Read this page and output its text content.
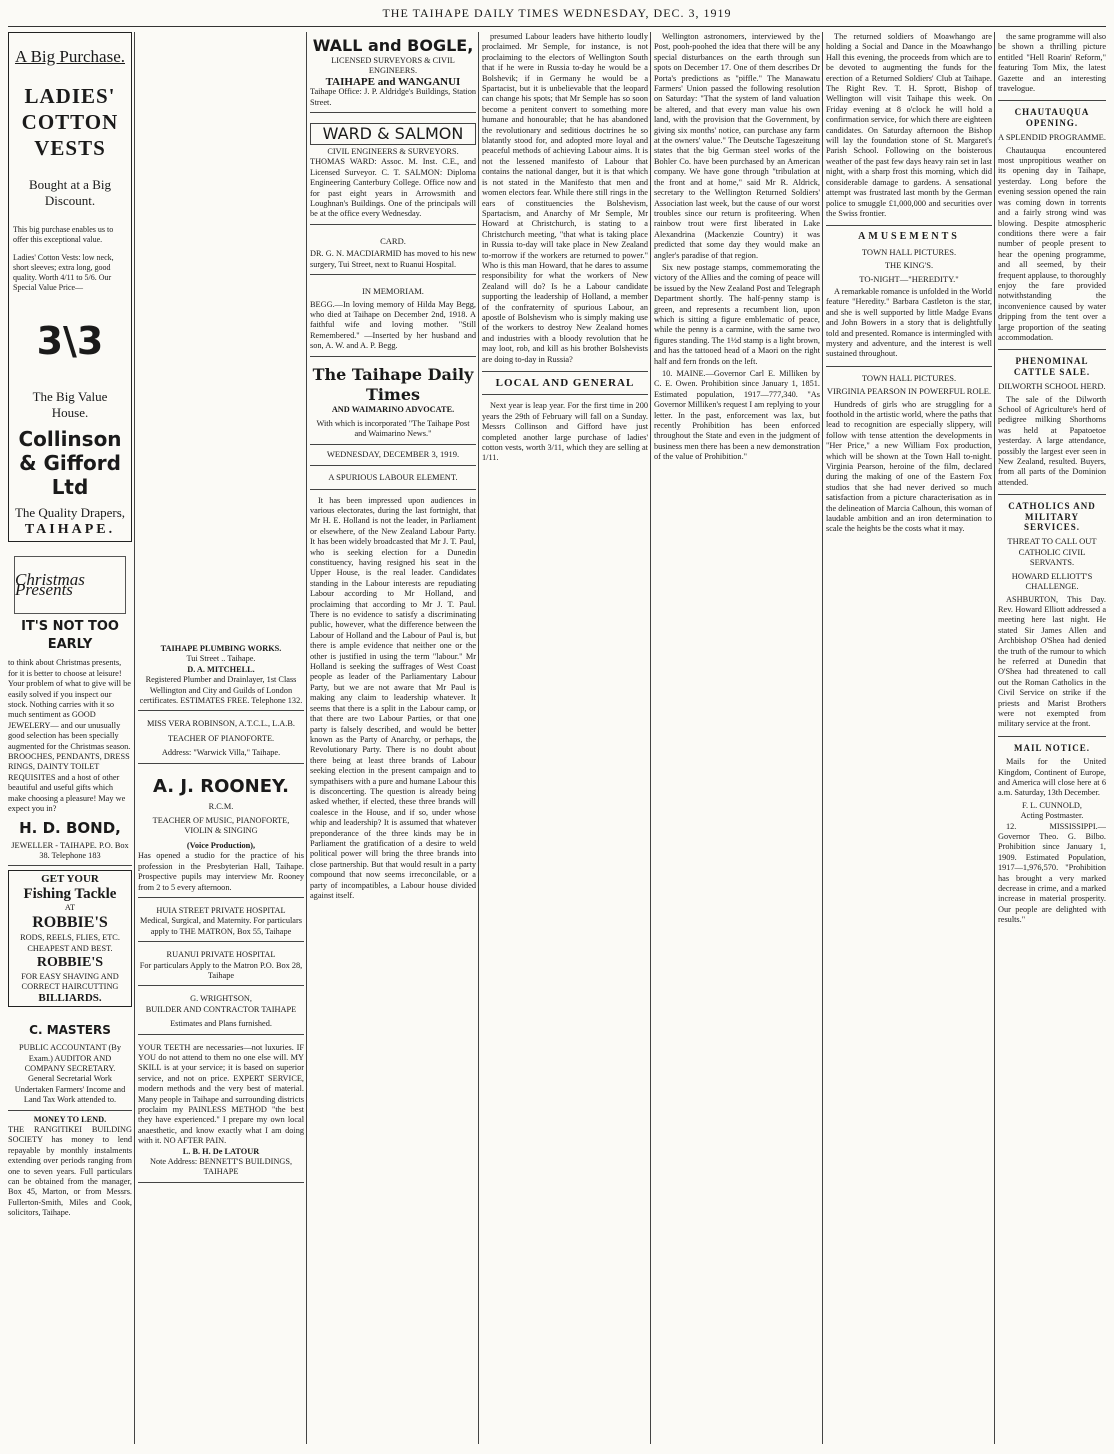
THE TAIHAPE DAILY TIMES WEDNESDAY, DEC. 3, 1919
A Big Purchase.
LADIES'
COTTON VESTS
Bought at a Big Discount.
This big purchase enables us to offer this exceptional value.
Ladies' Cotton Vests: low neck, short sleeves; extra long, good quality. Worth 4/11 to 5/6. Our Special Value Price—
3\3
The Big Value House.
Collinson & Gifford Ltd
The Quality Drapers,
TAIHAPE.
Christmas Presents
IT'S NOT TOO EARLY
to think about Christmas presents, for it is better to choose at leisure! Your problem of what to give will be easily solved if you inspect our stock. Nothing carries with it so much sentiment as GOOD JEWELERY— and our unusually good selection has been specially augmented for the Christmas season. BROOCHES, PENDANTS, DRESS RINGS, DAINTY TOILET REQUISITES and a host of other beautiful and useful gifts which make choosing a pleasure! May we expect you in?
H. D. BOND,
JEWELLER - TAIHAPE. P.O. Box 38. Telephone 183
GET YOUR
Fishing Tackle
AT
ROBBIE'S
RODS, REELS, FLIES, ETC. CHEAPEST AND BEST.
ROBBIE'S
FOR EASY SHAVING AND CORRECT HAIRCUTTING
BILLIARDS.
C. MASTERS
PUBLIC ACCOUNTANT (By Exam.) AUDITOR AND COMPANY SECRETARY.
General Secretarial Work Undertaken Farmers' Income and Land Tax Work attended to.
MONEY TO LEND.
THE RANGITIKEI BUILDING SOCIETY has money to lend repayable by monthly instalments extending over periods ranging from one to seven years. Full particulars can be obtained from the manager, Box 45, Marton, or from Messrs. Fullerton-Smith, Miles and Cook, solicitors, Taihape.
TAIHAPE PLUMBING WORKS.
Tui Street .. Taihape.
D. A. MITCHELL.
Registered Plumber and Drainlayer, 1st Class Wellington and City and Guilds of London certificates. ESTIMATES FREE. Telephone 132.
MISS VERA ROBINSON, A.T.C.L., L.A.B.
TEACHER OF PIANOFORTE.
Address: "Warwick Villa," Taihape.
A. J. ROONEY.
R.C.M.
TEACHER OF MUSIC, PIANOFORTE, VIOLIN & SINGING
(Voice Production),
Has opened a studio for the practice of his profession in the Presbyterian Hall, Taihape. Prospective pupils may interview Mr. Rooney from 2 to 5 every afternoon.
HUIA STREET PRIVATE HOSPITAL
Medical, Surgical, and Maternity. For particulars apply to THE MATRON, Box 55, Taihape
RUANUI PRIVATE HOSPITAL
For particulars Apply to the Matron P.O. Box 28, Taihape
G. WRIGHTSON,
BUILDER AND CONTRACTOR TAIHAPE
Estimates and Plans furnished.
YOUR TEETH are necessaries—not luxuries. IF YOU do not attend to them no one else will. MY SKILL is at your service; it is based on superior service, and not on price. EXPERT SERVICE, modern methods and the very best of material. Many people in Taihape and surrounding districts proclaim my PAINLESS METHOD "the best they have experienced." I prepare my own local anaesthetic, and know exactly what I am doing with it. NO AFTER PAIN.
L. B. H. De LATOUR
Note Address: BENNETT'S BUILDINGS, TAIHAPE
WALL and BOGLE,
LICENSED SURVEYORS & CIVIL ENGINEERS.
TAIHAPE and WANGANUI
Taihape Office: J. P. Aldridge's Buildings, Station Street.
WARD & SALMON
CIVIL ENGINEERS & SURVEYORS.
THOMAS WARD: Assoc. M. Inst. C.E., and Licensed Surveyor. C. T. SALMON: Diploma Engineering Canterbury College. Office now and for past eight years in Arrowsmith and Loughnan's Buildings. One of the principals will be at the office every Wednesday.
CARD.
DR. G. N. MACDIARMID has moved to his new surgery, Tui Street, next to Ruanui Hospital.
IN MEMORIAM.
BEGG.—In loving memory of Hilda May Begg, who died at Taihape on December 2nd, 1918. A faithful wife and loving mother. "Still Remembered." —Inserted by her husband and son, A. W. and A. P. Begg.
The Taihape Daily Times
AND WAIMARINO ADVOCATE.
With which is incorporated "The Taihape Post and Waimarino News."
WEDNESDAY, DECEMBER 3, 1919.
A SPURIOUS LABOUR ELEMENT.

It has been impressed upon audiences in various electorates, during the last fortnight, that Mr H. E. Holland is not the leader, in Parliament or elsewhere, of the New Zealand Labour Party. It has been widely broadcasted that Mr J. T. Paul, who is seeking election for a Dunedin constituency, having resigned his seat in the Upper House, is the real leader. Candidates standing in the Labour interests are repudiating Labour according to Mr Holland, and proclaiming that according to Mr J. T. Paul. There is no evidence to satisfy a discriminating public, however, what the difference between the Labour of Holland and the Labour of Paul is, but there is ample evidence that neither one or the other is justified in using the term "labour." Mr Holland is seeking the suffrages of West Coast people as leader of the Parliamentary Labour Party, but we are not aware that Mr Paul is making any claim to leadership whatever. It seems that there is a split in the Labour camp, or that there are two Labour Parties, or that one party is falsely described, and would be better known as the Party of Anarchy, or perhaps, the Revolutionary Party. There is no doubt about there being at least three brands of Labour seeking election in the present campaign and to sympathisers with a pure and humane Labour this is disconcerting. The question is already being asked whether, if elected, these three brands will coalesce in the House, and if so, under whose whip and leadership? It is assumed that whatever preponderance of the three kinds may be in Parliament the gratification of a desire to weld political power will bring the three brands into close partnership. But that would result in a party compound that now seems irreconcilable, or a party of incompatibles, a Labour house divided against itself.

presumed Labour leaders have hitherto loudly proclaimed. Mr Semple, for instance, is not proclaiming to the electors of Wellington South that if he were in Russia to-day he would be a Bolshevik; if in Germany he would be a Spartacist, but it is unbelievable that the leopard can change his spots; that Mr Semple has so soon become a penitent convert to something more humane and honourable; that he has abandoned the revolutionary and seditious doctrines he so blatantly stood for, and adopted more loyal and peaceful methods of achieving Labour aims. It is not the lessened manifesto of Labour that contains the national danger, but it is that which is not stated in the Manifesto that men and women electors fear. While there still rings in the ears of constituencies the Bolshevism, Spartacism, and Anarchy of Mr Semple, Mr Howard at Christchurch, is stating to a Christchurch meeting, "that what is taking place in Russia to-day will take place in New Zealand to-morrow if the workers are returned to power." Who is this man Howard, that he dares to assume responsibility for what the workers of New Zealand will do? Is he a Labour candidate supporting the leadership of Holland, a member of the confraternity of spurious Labour, an apostle of Bolshevism who is simply making use of the workers to destroy New Zealand homes and industries with a bloody revolution that he may loot, rob, and kill as his brother Bolshevists are doing to-day in Russia?

LOCAL AND GENERAL

Next year is leap year. For the first time in 200 years the 29th of February will fall on a Sunday. Messrs Collinson and Gifford have just completed another large purchase of ladies' cotton vests, worth 3/11, which they are selling at 1/11.

Wellington astronomers, interviewed by the Post, pooh-poohed the idea that there will be any special disturbances on the earth through sun spots on December 17. One of them describes Dr Porta's predictions as "piffle." The Manawatu Farmers' Union passed the following resolution on Saturday: "That the system of land valuation be altered, and that every man value his own land, with the provision that the Government, by giving six months' notice, can purchase any farm at the owners' value." The Deutsche Tageszeitung states that the big German steel works of the Bohler Co. have been purchased by an American company. We have gone through "tribulation at the front and at home," said Mr R. Aldrick, secretary to the Wellington Returned Soldiers' Association last week, but the cause of our worst troubles since our return is profiteering. When rainbow trout were first liberated in Lake Alexandrina (Mackenzie Country) it was predicted that some day they would make an angler's paradise of that region.

Six new postage stamps, commemorating the victory of the Allies and the coming of peace will be issued by the New Zealand Post and Telegraph Department shortly. The half-penny stamp is green, and represents a recumbent lion, upon which is sitting a figure emblematic of peace, while the penny is a carmine, with the same two figures standing. The 1½d stamp is a light brown, and has the tattooed head of a Maori on the right half and fern fronds on the left.

10. MAINE.—Governor Carl E. Milliken by C. E. Owen. Prohibition since January 1, 1851. Estimated population, 1917—777,340. "As Governor Milliken's request I am replying to your letter. In the past, enforcement was lax, but recently Prohibition has been enforced throughout the State and even in the judgment of business men there has been a new demonstration of the value of Prohibition."

The returned soldiers of Moawhango are holding a Social and Dance in the Moawhango Hall this evening, the proceeds from which are to be devoted to augmenting the funds for the erection of a Returned Soldiers' Club at Taihape. The Right Rev. T. H. Sprott, Bishop of Wellington will visit Taihape this week. On Friday evening at 8 o'clock he will hold a confirmation service, for which there are eighteen candidates. On Saturday afternoon the Bishop will lay the foundation stone of St. Margaret's Parish School. Following on the boisterous weather of the past few days heavy rain set in last night, with a sharp frost this morning, which did considerable damage to gardens. A sensational attempt was frustrated last month by the German police to smuggle £1,000,000 and securities over the Swiss frontier.

AMUSEMENTS
TOWN HALL PICTURES.
THE KING'S.
TO-NIGHT—"HEREDITY."

A remarkable romance is unfolded in the World feature "Heredity." Barbara Castleton is the star, and she is well supported by little Madge Evans and John Bowers in a story that is delightfully told and presented. Romance is intermingled with mystery and adventure, and the interest is well sustained throughout.

TOWN HALL PICTURES.
VIRGINIA PEARSON IN POWERFUL ROLE.

Hundreds of girls who are struggling for a foothold in the artistic world, where the paths that lead to recognition are especially slippery, will follow with tense attention the developments in "Her Price," a new William Fox production, which will be shown at the Town Hall to-night. Virginia Pearson, heroine of the film, declared during the making of one of the Eastern Fox studios that she had never derived so much satisfaction from a picture characterisation as in the delineation of Marcia Calhoun, this woman of laudable ambition and an iron determination to scale the heights be the costs what it may.

the same programme will also be shown a thrilling picture entitled "Hell Roarin' Reform," featuring Tom Mix, the latest Gazette and an interesting travelogue.

CHAUTAUQUA OPENING.
A SPLENDID PROGRAMME.

Chautauqua encountered most unpropitious weather on its opening day in Taihape, yesterday. Long before the evening session opened the rain was coming down in torrents and a fairly strong wind was blowing. Despite atmospheric conditions there were a fair number of people present to hear the opening programme, and all seemed, by their frequent applause, to thoroughly enjoy the fare provided notwithstanding the inconvenience caused by water dripping from the tent over a large proportion of the seating accommodation.

PHENOMINAL CATTLE SALE.
DILWORTH SCHOOL HERD.

The sale of the Dilworth School of Agriculture's herd of pedigree milking Shorthorns was held at Papatoetoe yesterday. A large attendance, possibly the largest ever seen in New Zealand, resulted. Buyers, from all parts of the Dominion attended.

CATHOLICS AND MILITARY SERVICES.
THREAT TO CALL OUT CATHOLIC CIVIL SERVANTS.
HOWARD ELLIOTT'S CHALLENGE.

ASHBURTON, This Day. Rev. Howard Elliott addressed a meeting here last night. He stated Sir James Allen and Archbishop O'Shea had denied the truth of the rumour to which he referred at Dunedin that O'Shea had threatened to call out the Roman Catholics in the Civil Service on strike if the priests and Marist Brothers were not exempted from military service at the front.

MAIL NOTICE.

Mails for the United Kingdom, Continent of Europe, and America will close here at 6 a.m. Saturday, 13th December.

F. L. CUNNOLD,
Acting Postmaster.

12. MISSISSIPPI.—Governor Theo. G. Bilbo. Prohibition since January 1, 1909. Estimated Population, 1917—1,976,570. "Prohibition has brought a very marked decrease in crime, and a marked increase in material prosperity. Our people are delighted with results."
